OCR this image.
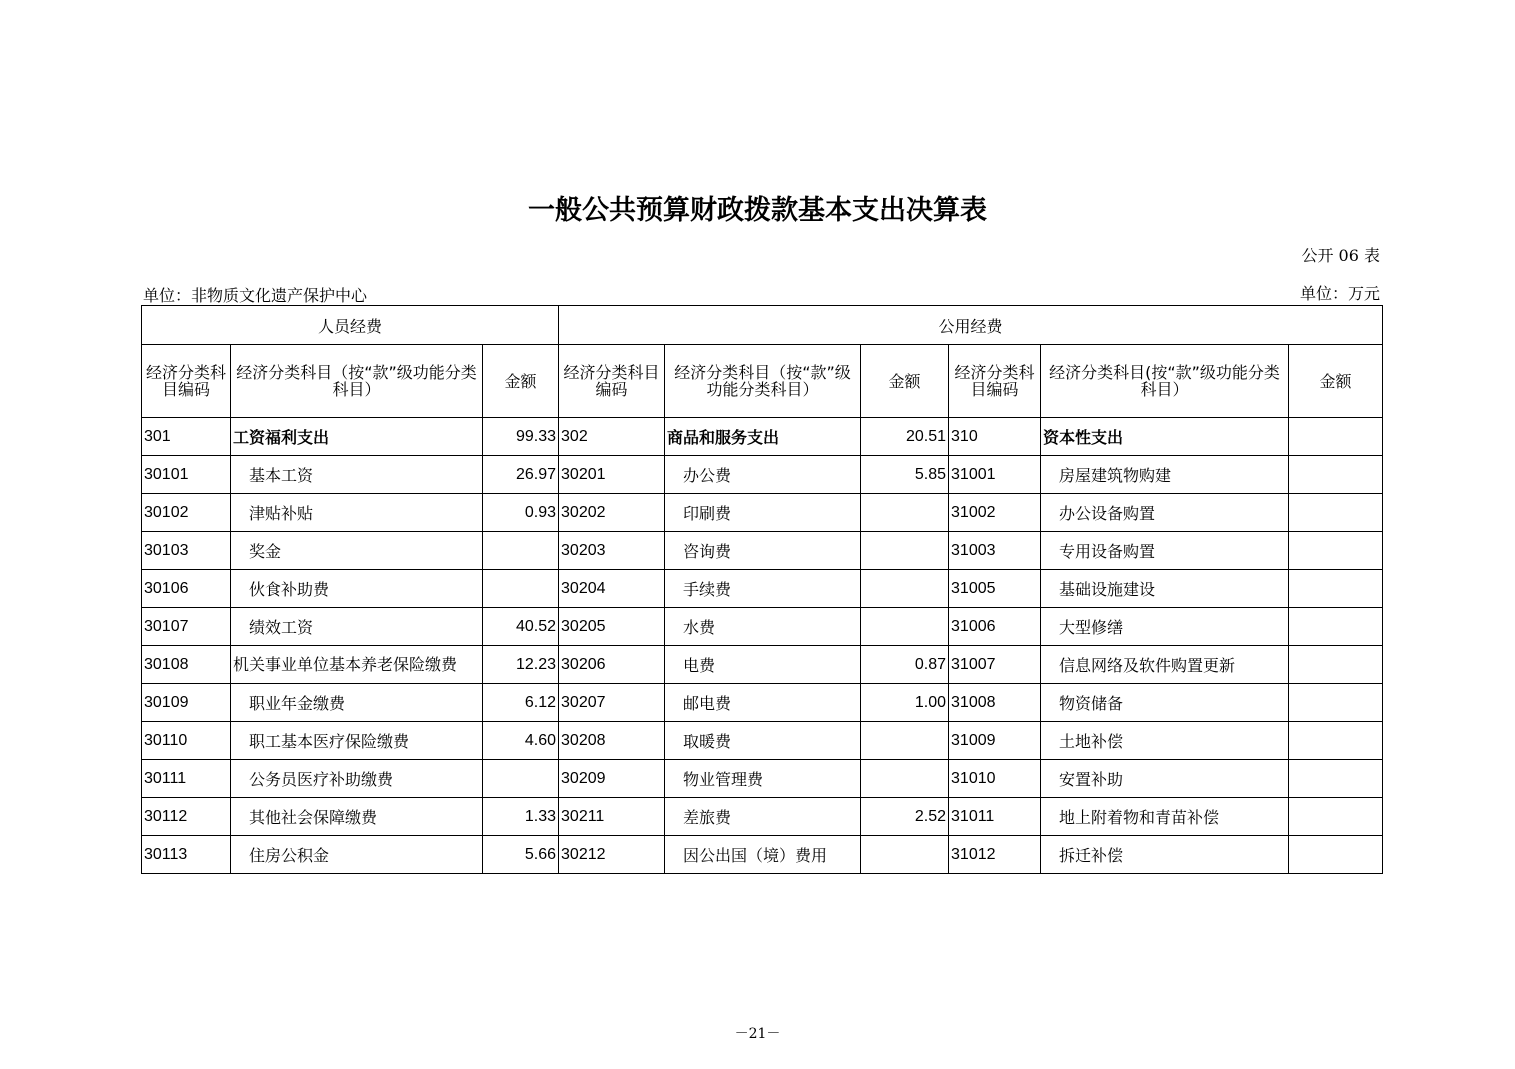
一般公共预算财政拨款基本支出决算表
公开 06 表
单位：非物质文化遗产保护中心	单位：万元
人员经费			公用经费					
经济分类科目编码	经济分类科目（按“款”级功能分类科目）	金额	经济分类科目编码	经济分类科目（按“款”级功能分类科目）	金额	经济分类科目编码	经济分类科目(按“款”级功能分类科目）	金额
301	工资福利支出	99.33	302	商品和服务支出	20.51	310	资本性支出	
30101	基本工资	26.97	30201	办公费	5.85	31001	房屋建筑物购建	
30102	津贴补贴	0.93	30202	印刷费		31002	办公设备购置	
30103	奖金		30203	咨询费		31003	专用设备购置	
30106	伙食补助费		30204	手续费		31005	基础设施建设	
30107	绩效工资	40.52	30205	水费		31006	大型修缮	
30108	机关事业单位基本养老保险缴费	12.23	30206	电费	0.87	31007	信息网络及软件购置更新	
30109	职业年金缴费	6.12	30207	邮电费	1.00	31008	物资储备	
30110	职工基本医疗保险缴费	4.60	30208	取暖费		31009	土地补偿	
30111	公务员医疗补助缴费		30209	物业管理费		31010	安置补助	
30112	其他社会保障缴费	1.33	30211	差旅费	2.52	31011	地上附着物和青苗补偿	
30113	住房公积金	5.66	30212	因公出国（境）费用		31012	拆迁补偿	
－21－
